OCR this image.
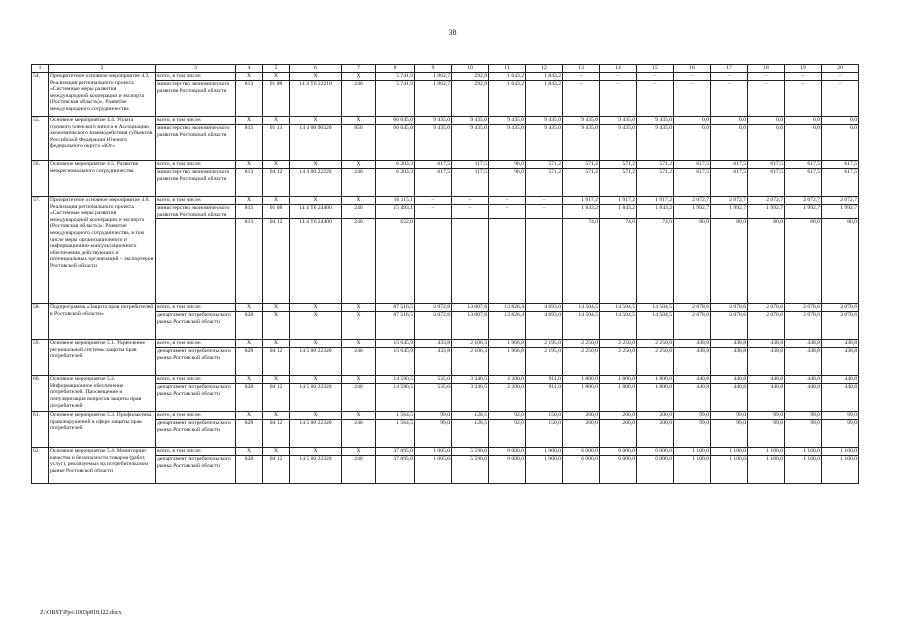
38
1	2	3	4	5	6	7	8	9	10	11	12	13	14	15	16	17	18	19	20
54.	Приоритетное основное мероприятие 4.3. Реализация регионального проекта «Системные меры развития международной кооперации и экспорта (Ростовская область)». Развитие международного сотрудничества	всего, в том числе:	X	X	X	X	5 741,9	1 962,7	292,8	1 643,2	1 843,2	–	–	–	–	–	–	–	–
		министерство экономического развития Ростовской области	813	01 08	14 4 Т6 22210	240	5 741,9	1 962,7	292,8	1 643,2	1 843,2	–	–	–	–	–	–	–	–
55.	Основное мероприятие 4.4. Уплата годового членского взноса в Ассоциацию экономического взаимодействия субъектов Российской Федерации Южного федерального округа «Юг»	всего, в том числе:	X	X	X	X	66 045,0	9 435,0	9 435,0	9 435,0	9 435,0	9 435,0	9 435,0	9 435,0	0,0	0,0	0,0	0,0	0,0
		министерство экономического развития Ростовской области	813	01 13	14 4 00 90320	850	66 045,0	9 435,0	9 435,0	9 435,0	9 435,0	9 435,0	9 435,0	9 435,0	0,0	0,0	0,0	0,0	0,0
56.	Основное мероприятие 4.5. Развитие межрегионального сотрудничества	всего, в том числе:	X	X	X	X	6 203,3	617,5	117,5	96,0	571,2	571,2	571,2	571,2	617,5	617,5	617,5	617,5	617,5
		министерство экономического развития Ростовской области	813	04 12	14 4 00 22220	240	6 203,3	617,5	117,5	96,0	571,2	571,2	571,2	571,2	617,5	617,5	617,5	617,5	617,5
57.	Приоритетное основное мероприятие 4.6. Реализация регионального проекта «Системные меры развития международной кооперации и экспорта (Ростовская область)». Развитие международного сотрудничества, в том числе меры организационного и информационно-консультационного обеспечения действующих и потенциальных организаций – экспортеров Ростовской области	всего, в том числе:	X	X	X	X	16 115,1	–	–	–	–	1 917,2	1 917,2	1 917,2	2 072,7	2 072,7	2 072,7	2 072,7	2 072,7
		министерство экономического развития Ростовской области	813	01 08	14 4 Т6 24400	240	15 493,1	–	–	–	–	1 843,2	1 843,2	1 843,2	1 992,7	1 992,7	1 992,7	1 992,7	1 992,7
			813	04 12	14 4 Т6 24400	240	622,0					74,0	74,0	74,0	80,0	80,0	80,0	80,0	80,0
58.	Подпрограмма «Защита прав потребителей в Ростовской области»	всего, в том числе:	X	X	X	X	87 516,5	2 072,8	13 007,8	13 826,4	4 693,0	14 504,5	14 504,5	14 504,5	2 078,6	2 078,6	2 078,6	2 078,6	2 078,6
		департамент потребительского рынка Ростовской области	828	X	X	X	87 516,5	2 072,8	13 007,8	13 826,4	4 693,0	14 504,5	14 504,5	14 504,5	2 078,6	2 078,6	2 078,6	2 078,6	2 078,6
59.	Основное мероприятие 5.1. Укрепление региональной системы защиты прав потребителей	всего, в том числе:	X	X	X	X	15 645,9	433,8	2 106,3	1 966,8	2 195,0	2 250,0	2 250,0	2 250,0	438,8	438,8	438,8	438,8	438,8
		департамент потребительского рынка Ростовской области	828	04 12	14 5 00 22320	240	15 645,9	433,8	2 106,3	1 966,8	2 195,0	2 250,0	2 250,0	2 250,0	438,8	438,8	438,8	438,8	438,8
60.	Основное мероприятие 5.2. Информационное обеспечение потребителей. Просвещение и популяризация вопросов защиты прав потребителей	всего, в том числе:	X	X	X	X	14 590,5	535,0	3 340,5	2 200,0	911,0	1 800,0	1 800,0	1 800,0	440,8	440,8	440,8	440,8	440,8
		департамент потребительского рынка Ростовской области	828	04 12	14 5 00 22320	240	14 590,5	535,0	3 340,5	2 200,0	911,0	1 800,0	1 800,0	1 800,0	440,8	440,8	440,8	440,8	440,8
61.	Основное мероприятие 5.3. Профилактика правонарушений в сфере защиты прав потребителей	всего, в том числе:	X	X	X	X	1 564,5	99,0	128,5	92,0	150,0	200,0	200,0	200,0	99,0	99,0	99,0	99,0	99,0
		департамент потребительского рынка Ростовской области	828	04 12	14 5 00 22320	240	1 564,5	99,0	128,5	92,0	150,0	200,0	200,0	200,0	99,0	99,0	99,0	99,0	99,0
62.	Основное мероприятие 5.4. Мониторинг качества и безопасности товаров (работ, услуг), реализуемых на потребительском рынке Ростовской области	всего, в том числе:	X	X	X	X	37 095,0	1 005,0	5 590,0	6 000,0	1 000,0	6 000,0	6 000,0	6 000,0	1 100,0	1 100,0	1 100,0	1 100,0	1 100,0
		департамент потребительского рынка Ростовской области	828	04 12	14 5 00 22320	240	37 095,0	1 005,0	5 590,0	6 000,0	1 000,0	6 000,0	6 000,0	6 000,0	1 100,0	1 100,0	1 100,0	1 100,0	1 100,0
Z:\ORST\Ppo\1003p818.f22.docx
